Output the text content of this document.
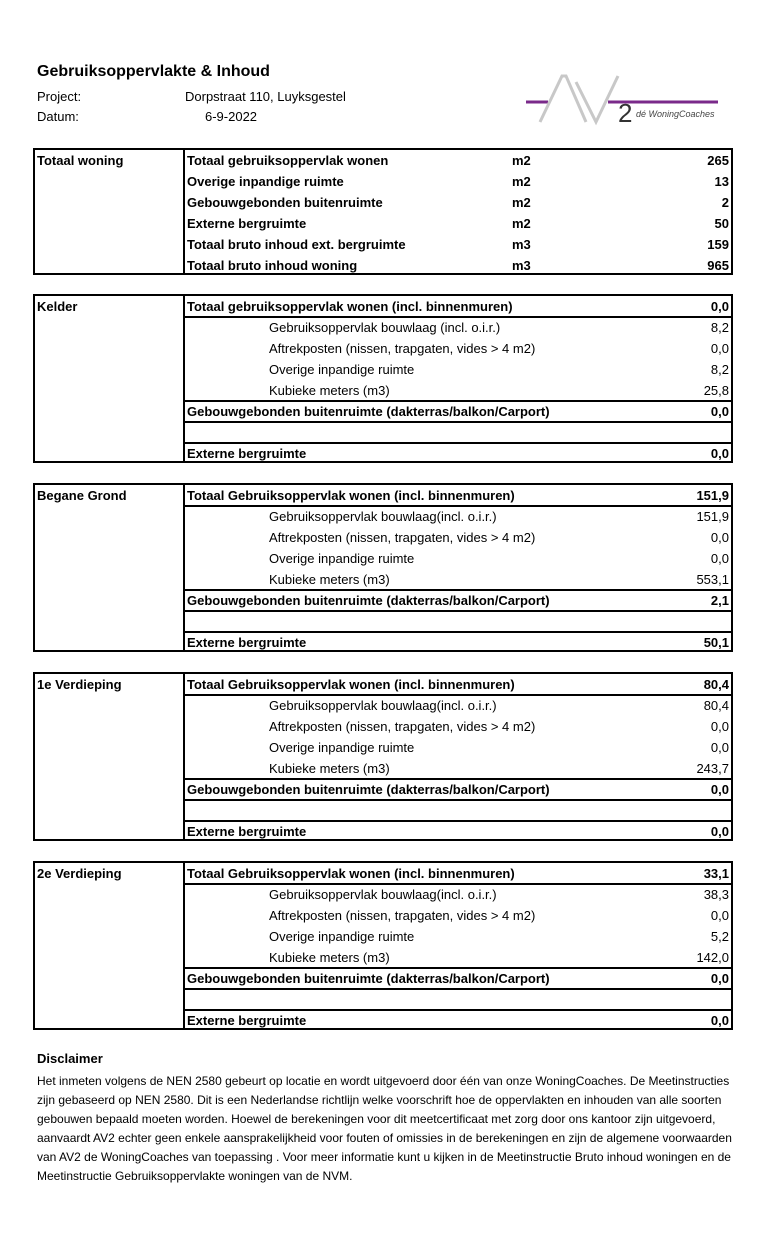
Gebruiksoppervlakte & Inhoud
Project:	Dorpstraat 110, Luyksgestel
Datum:	6-9-2022	2 dé WoningCoaches
Totaal woning	Totaal gebruiksoppervlak wonen	m2	265
Overige inpandige ruimte	m2	13
Gebouwgebonden buitenruimte	m2	2
Externe bergruimte	m2	50
Totaal bruto inhoud ext. bergruimte	m3	159
Totaal bruto inhoud woning	m3	965
Kelder	Totaal gebruiksoppervlak wonen (incl. binnenmuren)	0,0
Gebruiksoppervlak bouwlaag (incl. o.i.r.)	8,2
Aftrekposten (nissen, trapgaten, vides > 4 m2)	0,0
Overige inpandige ruimte	8,2
Kubieke meters (m3)	25,8
Gebouwgebonden buitenruimte (dakterras/balkon/Carport)	0,0
Externe bergruimte	0,0
Begane Grond	Totaal Gebruiksoppervlak wonen (incl. binnenmuren)	151,9
Gebruiksoppervlak bouwlaag(incl. o.i.r.)	151,9
Aftrekposten (nissen, trapgaten, vides > 4 m2)	0,0
Overige inpandige ruimte	0,0
Kubieke meters (m3)	553,1
Gebouwgebonden buitenruimte (dakterras/balkon/Carport)	2,1
Externe bergruimte	50,1
1e Verdieping	Totaal Gebruiksoppervlak wonen (incl. binnenmuren)	80,4
Gebruiksoppervlak bouwlaag(incl. o.i.r.)	80,4
Aftrekposten (nissen, trapgaten, vides > 4 m2)	0,0
Overige inpandige ruimte	0,0
Kubieke meters (m3)	243,7
Gebouwgebonden buitenruimte (dakterras/balkon/Carport)	0,0
Externe bergruimte	0,0
2e Verdieping	Totaal Gebruiksoppervlak wonen (incl. binnenmuren)	33,1
Gebruiksoppervlak bouwlaag(incl. o.i.r.)	38,3
Aftrekposten (nissen, trapgaten, vides > 4 m2)	0,0
Overige inpandige ruimte	5,2
Kubieke meters (m3)	142,0
Gebouwgebonden buitenruimte (dakterras/balkon/Carport)	0,0
Externe bergruimte	0,0
Disclaimer
Het inmeten volgens de NEN 2580 gebeurt op locatie en wordt uitgevoerd door één van onze WoningCoaches. De Meetinstructies zijn gebaseerd op NEN 2580. Dit is een Nederlandse richtlijn welke voorschrift hoe de oppervlakten en inhouden van alle soorten gebouwen bepaald moeten worden. Hoewel de berekeningen voor dit meetcertificaat met zorg door ons kantoor zijn uitgevoerd, aanvaardt AV2 echter geen enkele aansprakelijkheid voor fouten of omissies in de berekeningen en zijn de algemene voorwaarden van AV2 de WoningCoaches van toepassing . Voor meer informatie kunt u kijken in de Meetinstructie Bruto inhoud woningen en de Meetinstructie Gebruiksoppervlakte woningen van de NVM.
